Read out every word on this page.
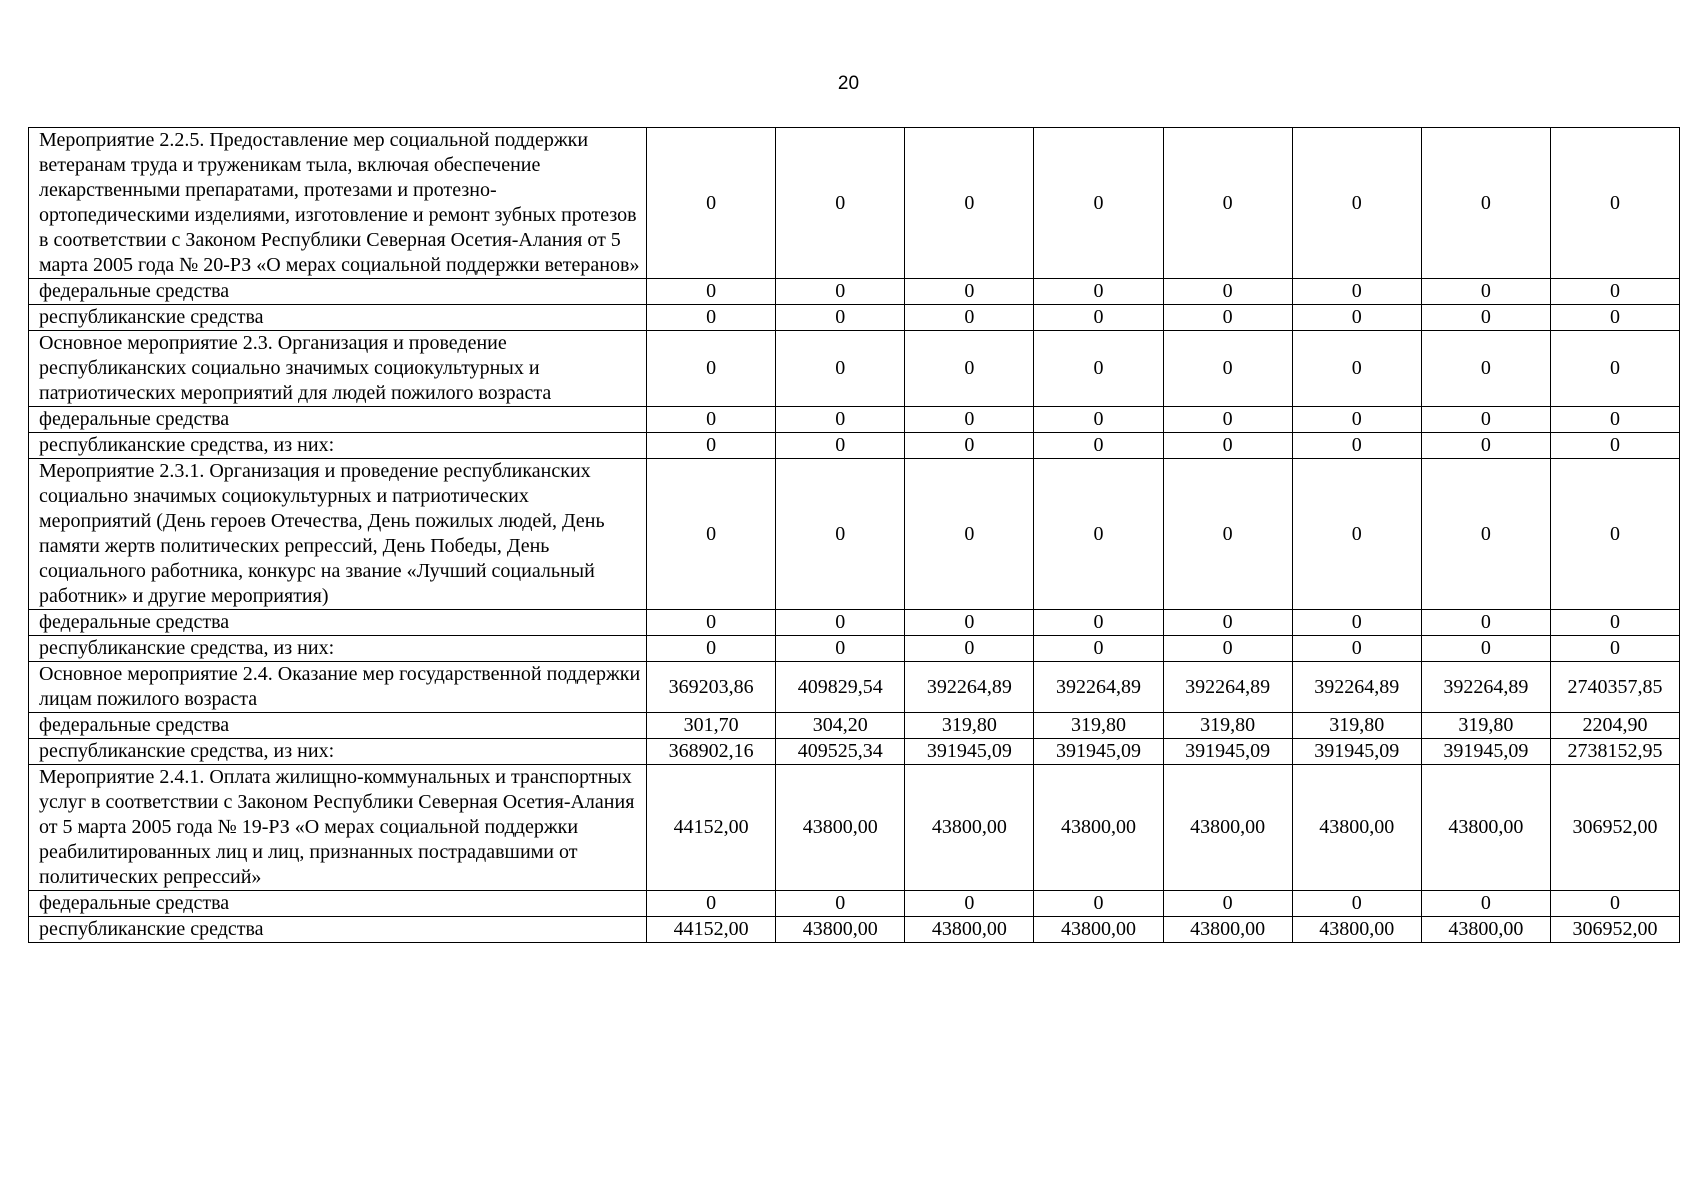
20
Мероприятие 2.2.5. Предоставление мер социальной поддержки ветеранам труда и труженикам тыла, включая обеспечение лекарственными препаратами, протезами и протезно-ортопедическими изделиями, изготовление и ремонт зубных протезов в соответствии с Законом Республики Северная Осетия-Алания от 5 марта 2005 года № 20-РЗ «О мерах социальной поддержки ветеранов»	0	0	0	0	0	0	0	0
федеральные средства	0	0	0	0	0	0	0	0
республиканские средства	0	0	0	0	0	0	0	0
Основное мероприятие 2.3. Организация и проведение республиканских социально значимых социокультурных и патриотических мероприятий для людей пожилого возраста	0	0	0	0	0	0	0	0
федеральные средства	0	0	0	0	0	0	0	0
республиканские средства, из них:	0	0	0	0	0	0	0	0
Мероприятие 2.3.1. Организация и проведение республиканских социально значимых социокультурных и патриотических мероприятий (День героев Отечества, День пожилых людей, День памяти жертв политических репрессий, День Победы, День социального работника, конкурс на звание «Лучший социальный работник» и другие мероприятия)	0	0	0	0	0	0	0	0
федеральные средства	0	0	0	0	0	0	0	0
республиканские средства, из них:	0	0	0	0	0	0	0	0
Основное мероприятие 2.4. Оказание мер государственной поддержки лицам пожилого возраста	369203,86	409829,54	392264,89	392264,89	392264,89	392264,89	392264,89	2740357,85
федеральные средства	301,70	304,20	319,80	319,80	319,80	319,80	319,80	2204,90
республиканские средства, из них:	368902,16	409525,34	391945,09	391945,09	391945,09	391945,09	391945,09	2738152,95
Мероприятие 2.4.1. Оплата жилищно-коммунальных и транспортных услуг в соответствии с Законом Республики Северная Осетия-Алания от 5 марта 2005 года № 19-РЗ «О мерах социальной поддержки реабилитированных лиц и лиц, признанных пострадавшими от политических репрессий»	44152,00	43800,00	43800,00	43800,00	43800,00	43800,00	43800,00	306952,00
федеральные средства	0	0	0	0	0	0	0	0
республиканские средства	44152,00	43800,00	43800,00	43800,00	43800,00	43800,00	43800,00	306952,00
